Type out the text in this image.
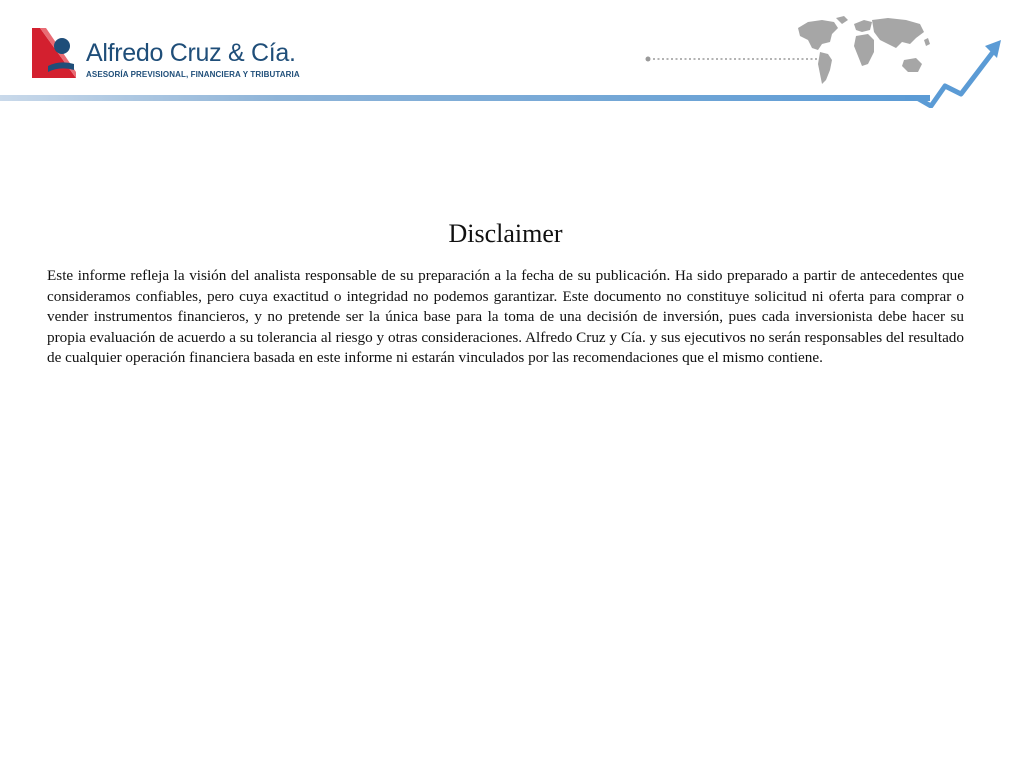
Alfredo Cruz & Cía.
ASESORÍA PREVISIONAL, FINANCIERA Y TRIBUTARIA
Disclaimer

Este informe refleja la visión del analista responsable de su preparación a la fecha de su publicación. Ha sido preparado a partir de antecedentes que consideramos confiables, pero cuya exactitud o integridad no podemos garantizar. Este documento no constituye solicitud ni oferta para comprar o vender instrumentos financieros, y no pretende ser la única base para la toma de una decisión de inversión, pues cada inversionista debe hacer su propia evaluación de acuerdo a su tolerancia al riesgo y otras consideraciones. Alfredo Cruz y Cía. y sus ejecutivos no serán responsables del resultado de cualquier operación financiera basada en este informe ni estarán vinculados por las recomendaciones que el mismo contiene.
